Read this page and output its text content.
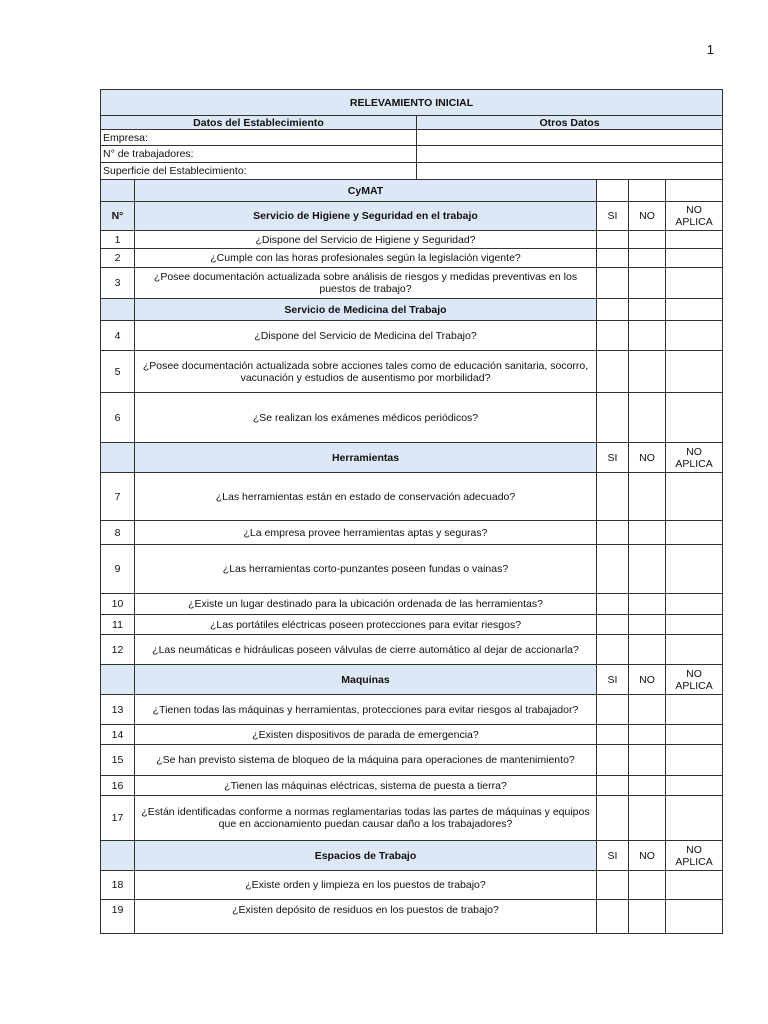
1
RELEVAMIENTO INICIAL					
Datos del Establecimiento		Otros Datos			
Empresa:					
N° de trabajadores:					
Superficie del Establecimiento:					
	CyMAT				
N°	Servicio de Higiene y Seguridad en el trabajo		SI	NO	NO APLICA
1	¿Dispone del Servicio de Higiene y Seguridad?				
2	¿Cumple con las horas profesionales según la legislación vigente?				
3	¿Posee documentación actualizada sobre análisis de riesgos y medidas preventivas en los puestos de trabajo?				
	Servicio de Medicina del Trabajo				
4	¿Dispone del Servicio de Medicina del Trabajo?				
5	¿Posee documentación actualizada sobre acciones tales como de educación sanitaria, socorro, vacunación y estudios de ausentismo por morbilidad?				
6	¿Se realizan los exámenes médicos periódicos?				
	Herramientas		SI	NO	NO APLICA
7	¿Las herramientas están en estado de conservación adecuado?				
8	¿La empresa provee herramientas aptas y seguras?				
9	¿Las herramientas corto-punzantes poseen fundas o vainas?				
10	¿Existe un lugar destinado para la ubicación ordenada de las herramientas?				
11	¿Las portátiles eléctricas poseen protecciones para evitar riesgos?				
12	¿Las neumáticas e hidráulicas poseen válvulas de cierre automático al dejar de accionarla?				
	Maquinas		SI	NO	NO APLICA
13	¿Tienen todas las máquinas y herramientas, protecciones para evitar riesgos al trabajador?				
14	¿Existen dispositivos de parada de emergencia?				
15	¿Se han previsto sistema de bloqueo de la máquina para operaciones de mantenimiento?				
16	¿Tienen las máquinas eléctricas, sistema de puesta a tierra?				
17	¿Están identificadas conforme a normas reglamentarias todas las partes de máquinas y equipos que en accionamiento puedan causar daño a los trabajadores?				
	Espacios de Trabajo		SI	NO	NO APLICA
18	¿Existe orden y limpieza en los puestos de trabajo?				
19	¿Existen depósito de residuos en los puestos de trabajo?				
